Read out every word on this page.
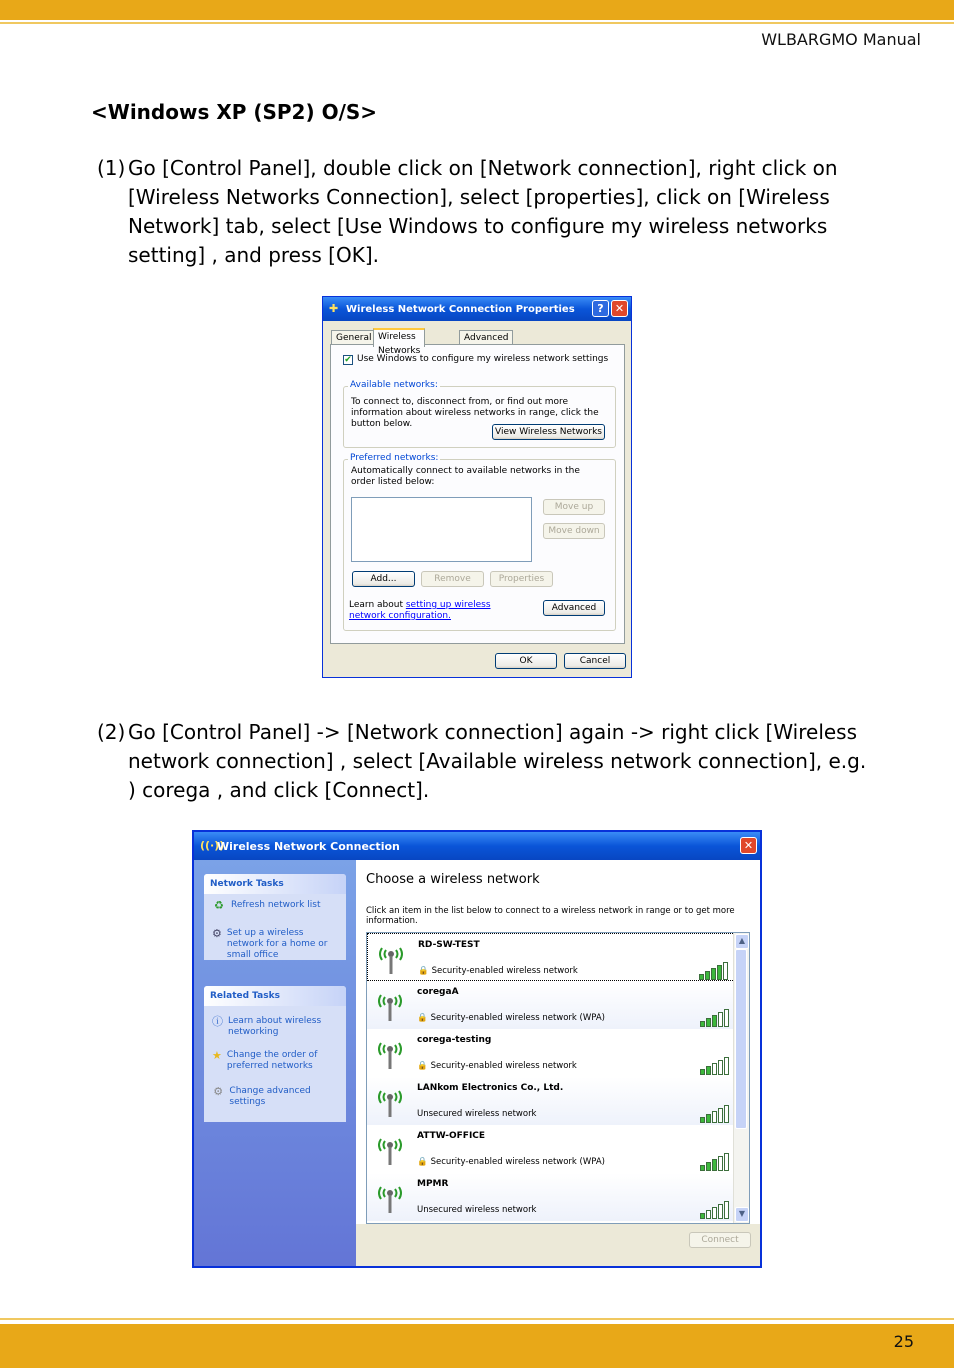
WLBARGMO Manual
<Windows XP (SP2) O/S>
(1) Go [Control Panel], double click on [Network connection], right click on [Wireless Networks Connection], select [properties], click on [Wireless Network] tab, select [Use Windows to configure my wireless networks setting] , and press [OK].
✚ Wireless Network Connection Properties	?	✕
General Wireless Networks
Advanced
✔ Use Windows to configure my wireless network settings
Available networks:
To connect to, disconnect from, or find out more information about wireless networks in range, click the button below.
View Wireless Networks
Preferred networks:
Automatically connect to available networks in the order listed below:
Move up
Move down
Add...	Remove	Properties
Learn about setting up wireless network configuration.
Advanced
OK	Cancel
(2) Go [Control Panel] -> [Network connection] again -> right click [Wireless network connection] , select [Available wireless network connection], e.g. ) corega , and click [Connect].
((·))
Wireless Network Connection	✕
Network Tasks
♻ Refresh network list
⚙ Set up a wireless network for a home or small office
Related Tasks
ⓘ Learn about wireless networking
★ Change the order of preferred networks
⚙ Change advanced settings
Choose a wireless network
Click an item in the list below to connect to a wireless network in range or to get more information.
MPMR
Unsecured wireless network
ATTW-OFFICE
🔒 Security-enabled wireless network (WPA)
LANkom Electronics Co., Ltd.
Unsecured wireless network
corega-testing
🔒 Security-enabled wireless network
coregaA
🔒 Security-enabled wireless network (WPA)
RD-SW-TEST
🔒 Security-enabled wireless network
▲
▼
Connect
25
